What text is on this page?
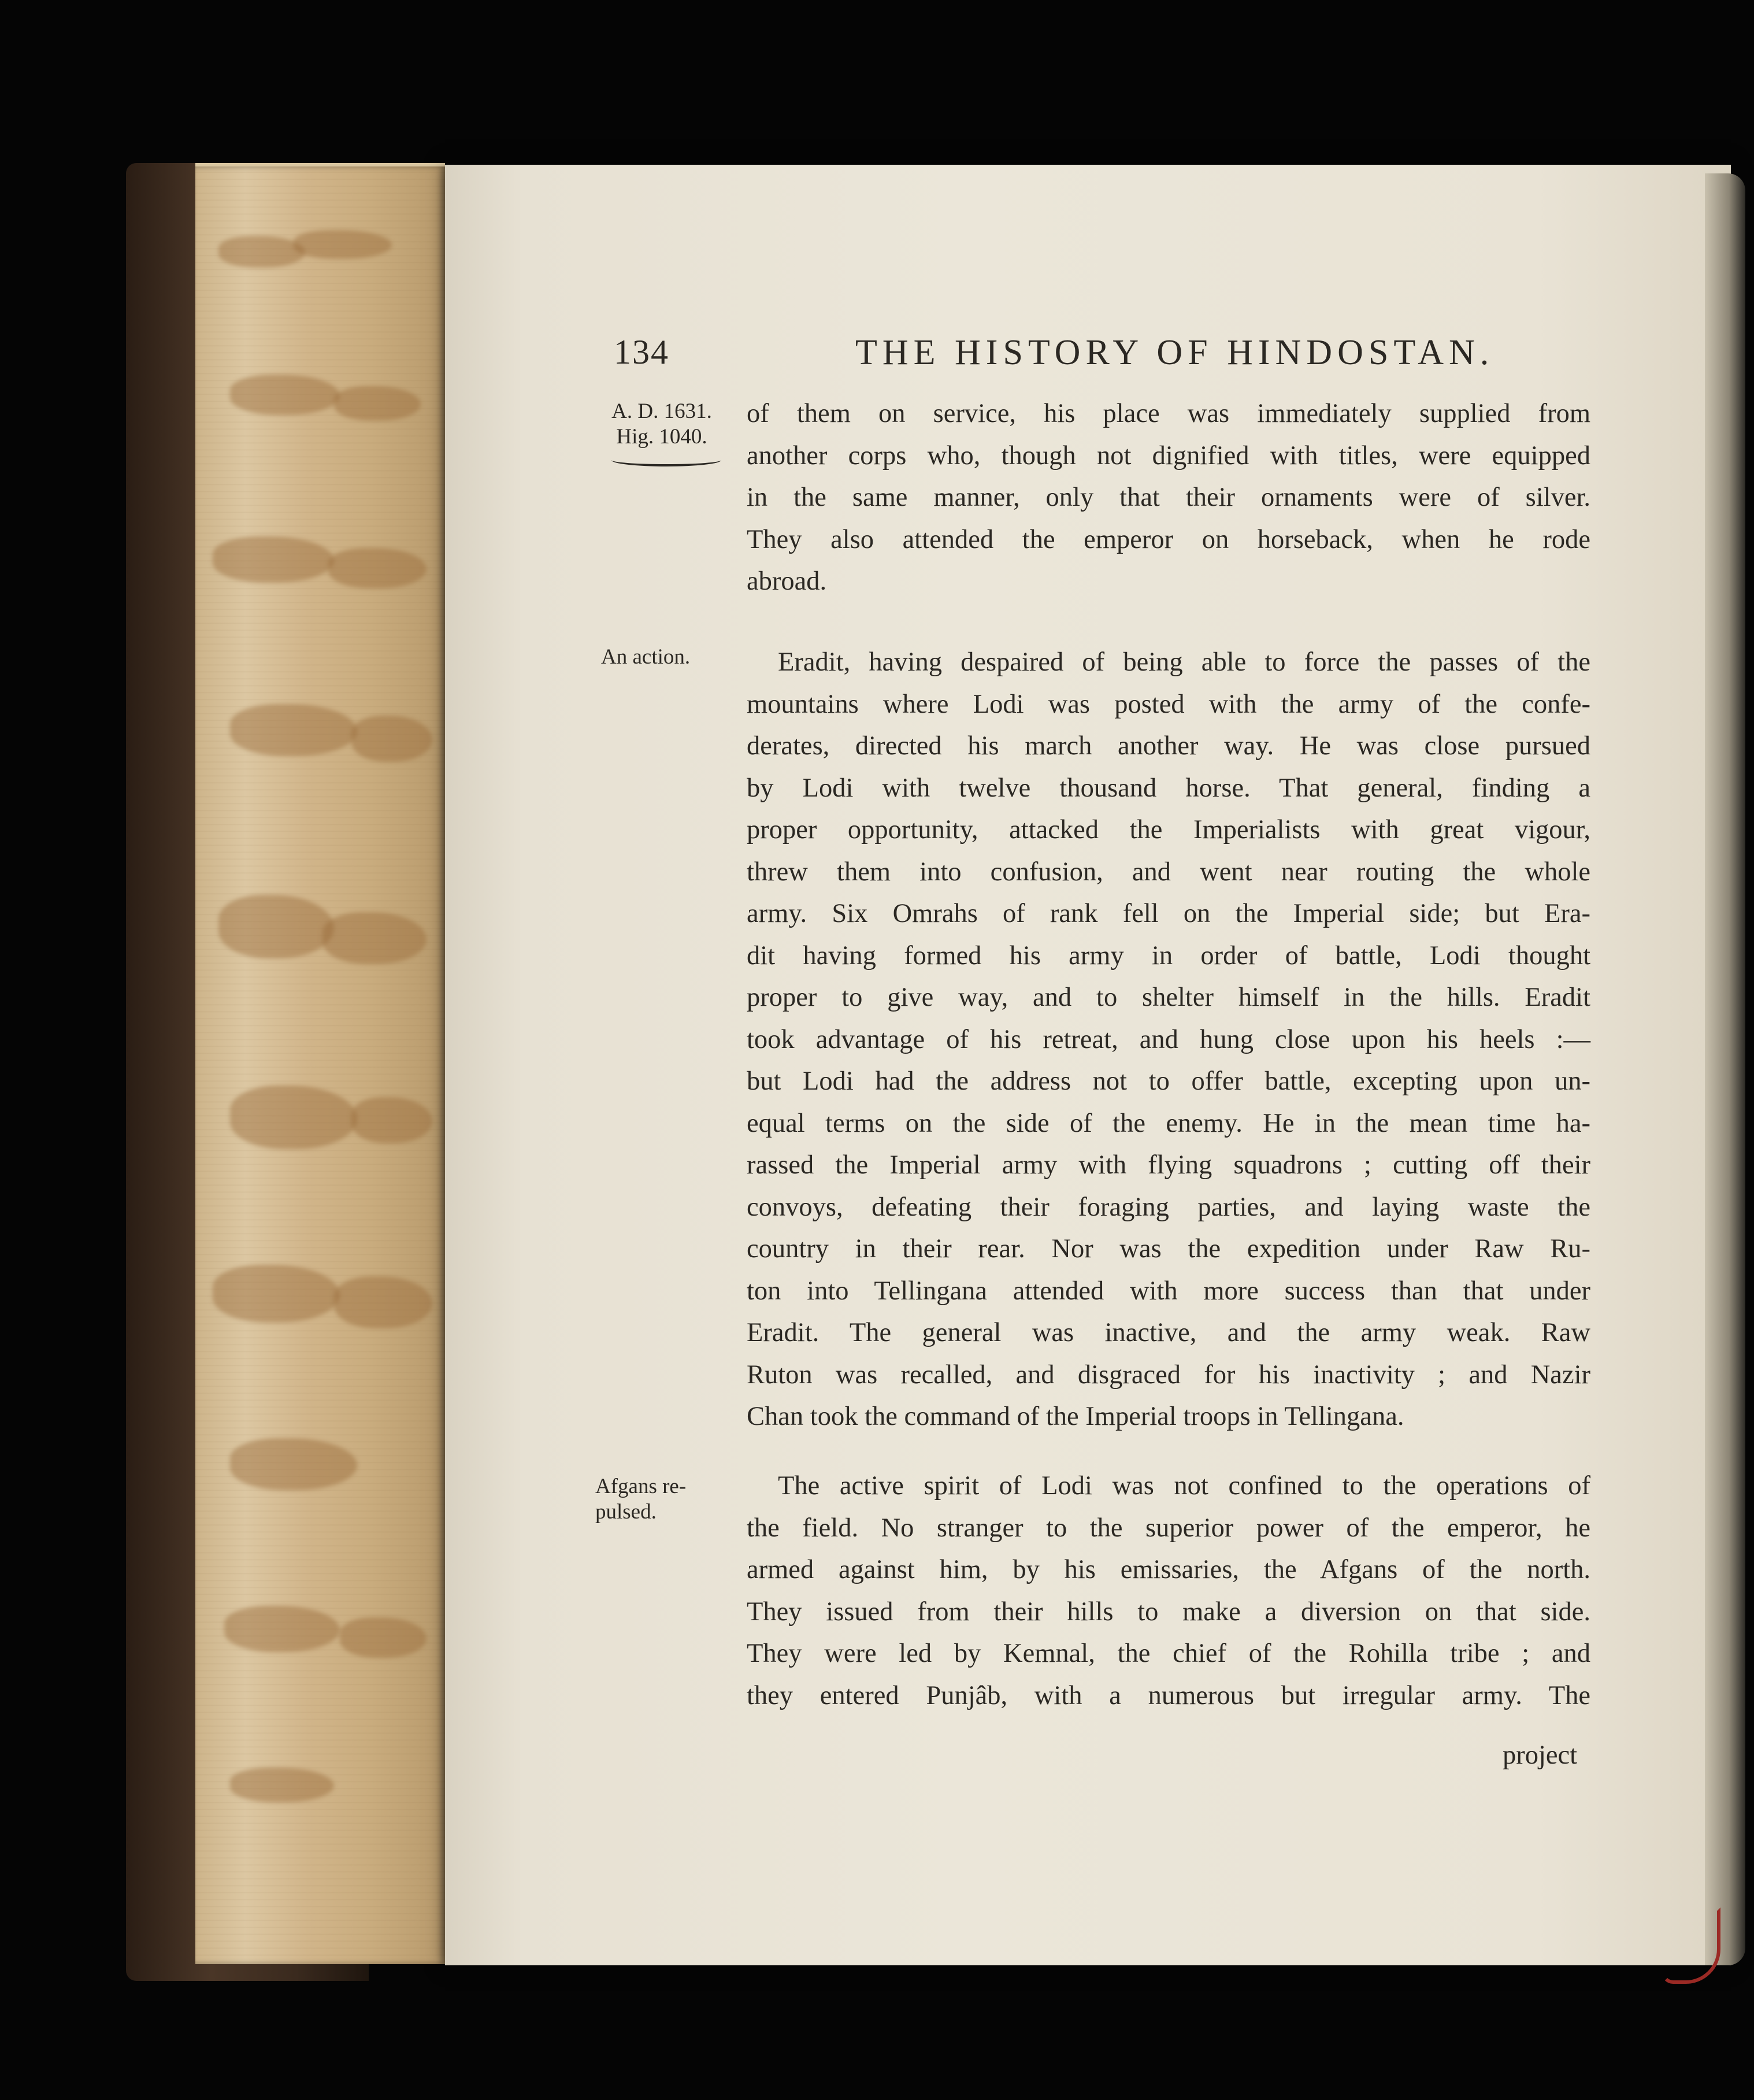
134	THE HISTORY OF HINDOSTAN.
A. D. 1631.
Hig. 1040.
An action.
Afgans re-
pulsed.
of them on service, his place was immediately supplied from
another corps who, though not dignified with titles, were equipped
in the same manner, only that their ornaments were of silver.
They also attended the emperor on horseback, when he rode
abroad.
Eradit, having despaired of being able to force the passes of the
mountains where Lodi was posted with the army of the confe-
derates, directed his march another way. He was close pursued
by Lodi with twelve thousand horse. That general, finding a
proper opportunity, attacked the Imperialists with great vigour,
threw them into confusion, and went near routing the whole
army. Six Omrahs of rank fell on the Imperial side; but Era-
dit having formed his army in order of battle, Lodi thought
proper to give way, and to shelter himself in the hills. Eradit
took advantage of his retreat, and hung close upon his heels :—
but Lodi had the address not to offer battle, excepting upon un-
equal terms on the side of the enemy. He in the mean time ha-
rassed the Imperial army with flying squadrons ; cutting off their
convoys, defeating their foraging parties, and laying waste the
country in their rear. Nor was the expedition under Raw Ru-
ton into Tellingana attended with more success than that under
Eradit. The general was inactive, and the army weak. Raw
Ruton was recalled, and disgraced for his inactivity ; and Nazir
Chan took the command of the Imperial troops in Tellingana.
The active spirit of Lodi was not confined to the operations of
the field. No stranger to the superior power of the emperor, he
armed against him, by his emissaries, the Afgans of the north.
They issued from their hills to make a diversion on that side.
They were led by Kemnal, the chief of the Rohilla tribe ; and
they entered Punjâb, with a numerous but irregular army. The
project
